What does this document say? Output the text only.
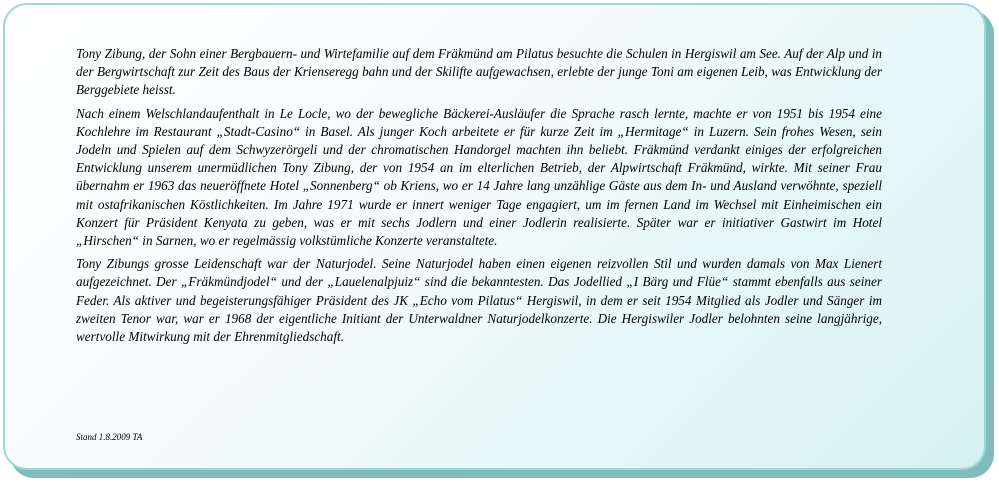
Tony Zibung, der Sohn einer Bergbauern- und Wirtefamilie auf dem Fräkmünd am Pilatus besuchte die Schulen in Hergiswil am See. Auf der Alp und in der Bergwirtschaft zur Zeit des Baus der Krienseregg bahn und der Skilifte aufgewachsen, erlebte der junge Toni am eigenen Leib, was Entwicklung der Berggebiete heisst.

Nach einem Welschlandaufenthalt in Le Locle, wo der bewegliche Bäckerei-Ausläufer die Sprache rasch lernte, machte er von 1951 bis 1954 eine Kochlehre im Restaurant „Stadt-Casino“ in Basel. Als junger Koch arbeitete er für kurze Zeit im „Hermitage“ in Luzern. Sein frohes Wesen, sein Jodeln und Spielen auf dem Schwyzerörgeli und der chromatischen Handorgel machten ihn beliebt. Fräkmünd verdankt einiges der erfolgreichen Entwicklung unserem unermüdlichen Tony Zibung, der von 1954 an im elterlichen Betrieb, der Alpwirtschaft Fräkmünd, wirkte. Mit seiner Frau übernahm er 1963 das neueröffnete Hotel „Sonnenberg“ ob Kriens, wo er 14 Jahre lang unzählige Gäste aus dem In- und Ausland verwöhnte, speziell mit ostafrikanischen Köstlichkeiten. Im Jahre 1971 wurde er innert weniger Tage engagiert, um im fernen Land im Wechsel mit Einheimischen ein Konzert für Präsident Kenyata zu geben, was er mit sechs Jodlern und einer Jodlerin realisierte. Später war er initiativer Gastwirt im Hotel „Hirschen“ in Sarnen, wo er regelmässig volkstümliche Konzerte veranstaltete.

Tony Zibungs grosse Leidenschaft war der Naturjodel. Seine Naturjodel haben einen eigenen reizvollen Stil und wurden damals von Max Lienert aufgezeichnet. Der „Fräkmündjodel“ und der „Lauelenalpjuiz“ sind die bekanntesten. Das Jodellied „I Bärg und Flüe“ stammt ebenfalls aus seiner Feder. Als aktiver und begeisterungsfähiger Präsident des JK „Echo vom Pilatus“ Hergiswil, in dem er seit 1954 Mitglied als Jodler und Sänger im zweiten Tenor war, war er 1968 der eigentliche Initiant der Unterwaldner Naturjodelkonzerte. Die Hergiswiler Jodler belohnten seine langjährige, wertvolle Mitwirkung mit der Ehrenmitgliedschaft.

Stand 1.8.2009 TA
